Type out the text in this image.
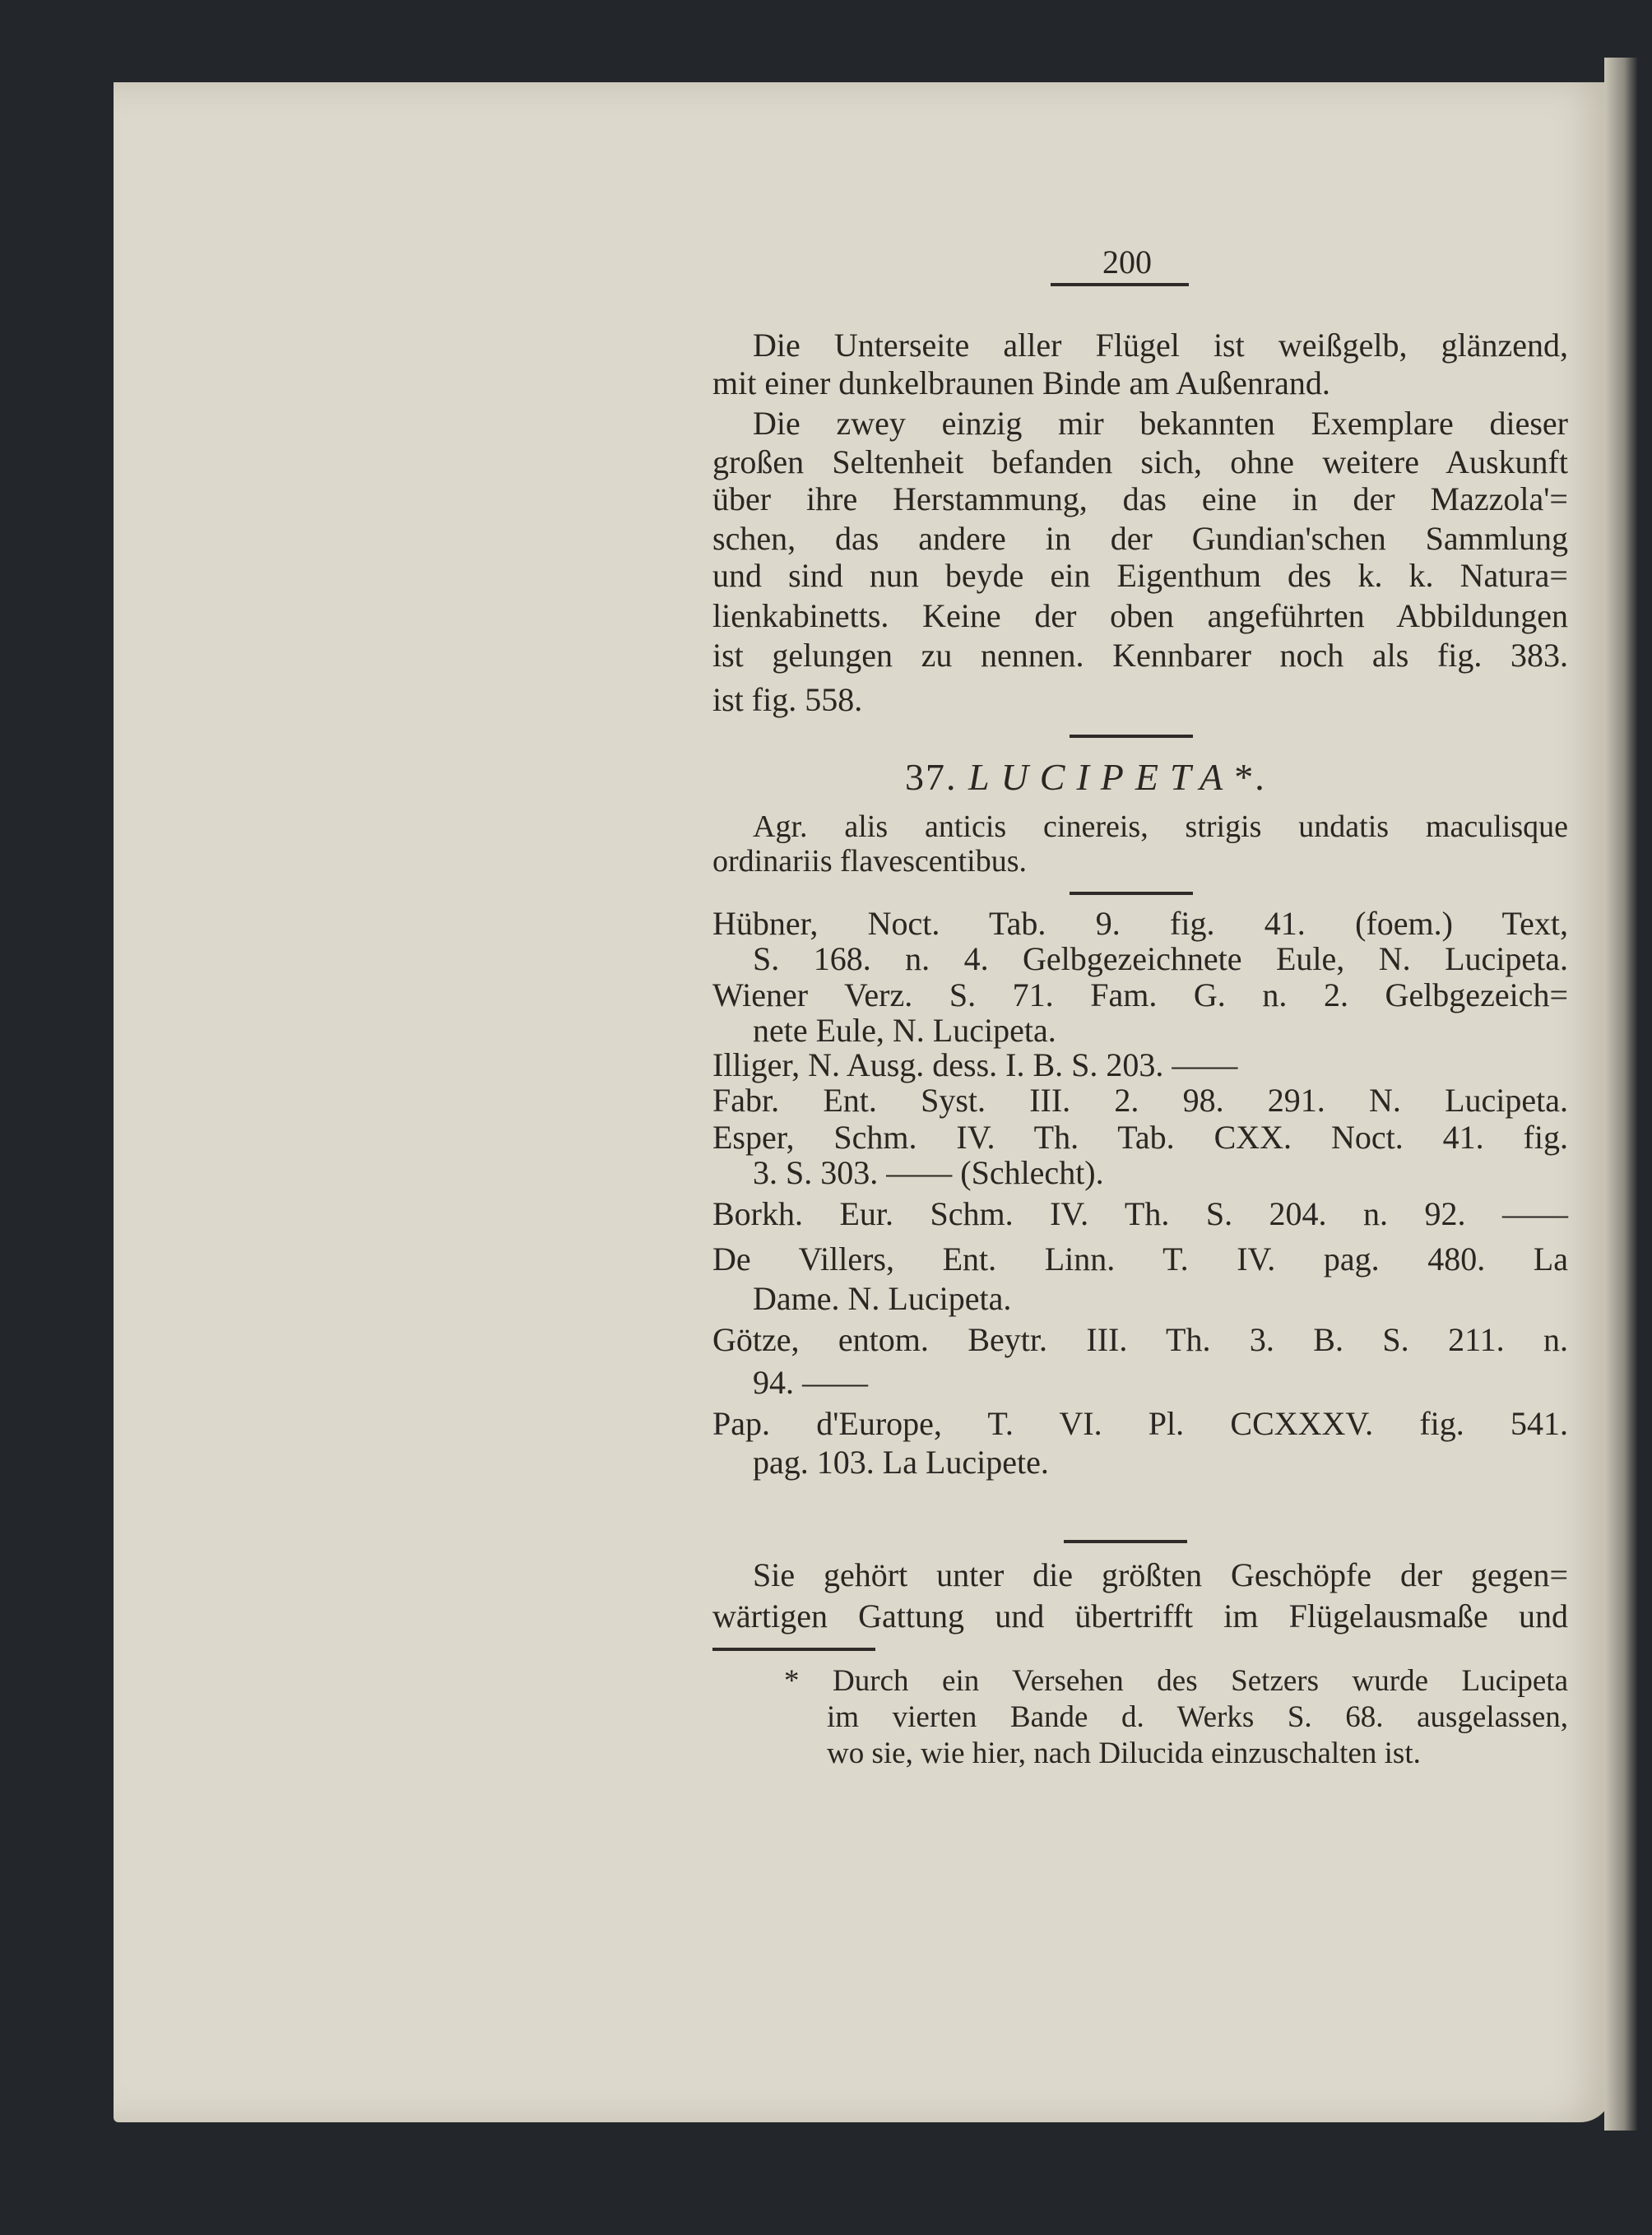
200
Die Unterseite aller Flügel ist weißgelb, glänzend,
mit einer dunkelbraunen Binde am Außenrand.
Die zwey einzig mir bekannten Exemplare dieser
großen Seltenheit befanden sich, ohne weitere Auskunft
über ihre Herstammung, das eine in der Mazzola'=
schen, das andere in der Gundian'schen Sammlung
und sind nun beyde ein Eigenthum des k. k. Natura=
lienkabinetts. Keine der oben angeführten Abbildungen
ist gelungen zu nennen. Kennbarer noch als fig. 383.
ist fig. 558.
37. LUCIPETA*.
Agr. alis anticis cinereis, strigis undatis maculisque
ordinariis flavescentibus.
Hübner, Noct. Tab. 9. fig. 41. (foem.) Text,
S. 168. n. 4. Gelbgezeichnete Eule, N. Lucipeta.
Wiener Verz. S. 71. Fam. G. n. 2. Gelbgezeich=
nete Eule, N. Lucipeta.
Illiger, N. Ausg. dess. I. B. S. 203. ——
Fabr. Ent. Syst. III. 2. 98. 291. N. Lucipeta.
Esper, Schm. IV. Th. Tab. CXX. Noct. 41. fig.
3. S. 303. —— (Schlecht).
Borkh. Eur. Schm. IV. Th. S. 204. n. 92. ——
De Villers, Ent. Linn. T. IV. pag. 480. La
Dame. N. Lucipeta.
Götze, entom. Beytr. III. Th. 3. B. S. 211. n.
94. ——
Pap. d'Europe, T. VI. Pl. CCXXXV. fig. 541.
pag. 103. La Lucipete.
Sie gehört unter die größten Geschöpfe der gegen=
wärtigen Gattung und übertrifft im Flügelausmaße und
* Durch ein Versehen des Setzers wurde Lucipeta
im vierten Bande d. Werks S. 68. ausgelassen,
wo sie, wie hier, nach Dilucida einzuschalten ist.
